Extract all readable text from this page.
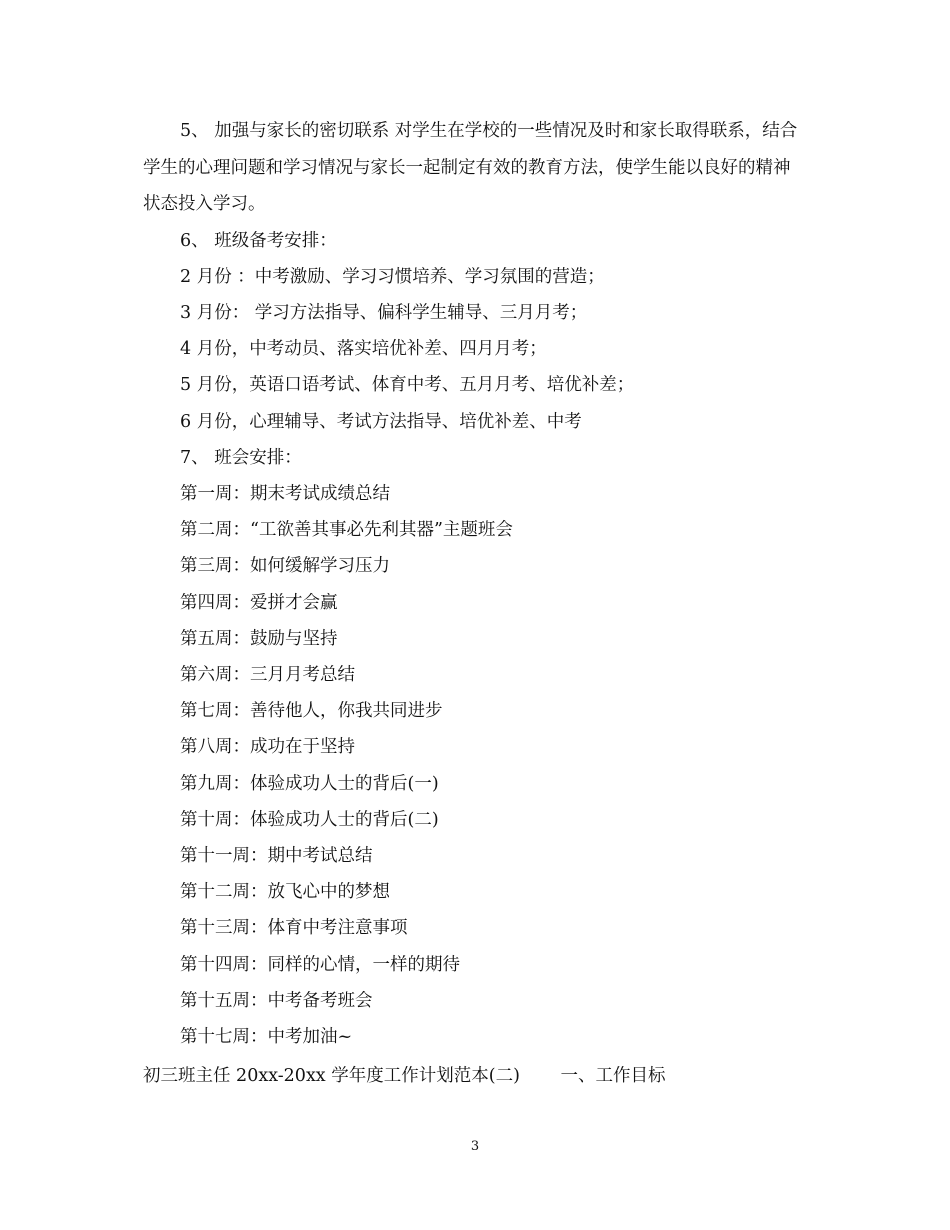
5、 加强与家长的密切联系 对学生在学校的一些情况及时和家长取得联系，结合学生的心理问题和学习情况与家长一起制定有效的教育方法，使学生能以良好的精神状态投入学习。
6、 班级备考安排：
2 月份 ：中考激励、学习习惯培养、学习氛围的营造；
3 月份： 学习方法指导、偏科学生辅导、三月月考；
4 月份，中考动员、落实培优补差、四月月考；
5 月份，英语口语考试、体育中考、五月月考、培优补差；
6 月份，心理辅导、考试方法指导、培优补差、中考
7、 班会安排：
第一周：期末考试成绩总结
第二周：“工欲善其事必先利其器”主题班会
第三周：如何缓解学习压力
第四周：爱拼才会赢
第五周：鼓励与坚持
第六周：三月月考总结
第七周：善待他人，你我共同进步
第八周：成功在于坚持
第九周：体验成功人士的背后(一)
第十周：体验成功人士的背后(二)
第十一周：期中考试总结
第十二周：放飞心中的梦想
第十三周：体育中考注意事项
第十四周：同样的心情，一样的期待
第十五周：中考备考班会
第十七周：中考加油~
初三班主任 20xx-20xx 学年度工作计划范本(二)　　 一、工作目标
3
